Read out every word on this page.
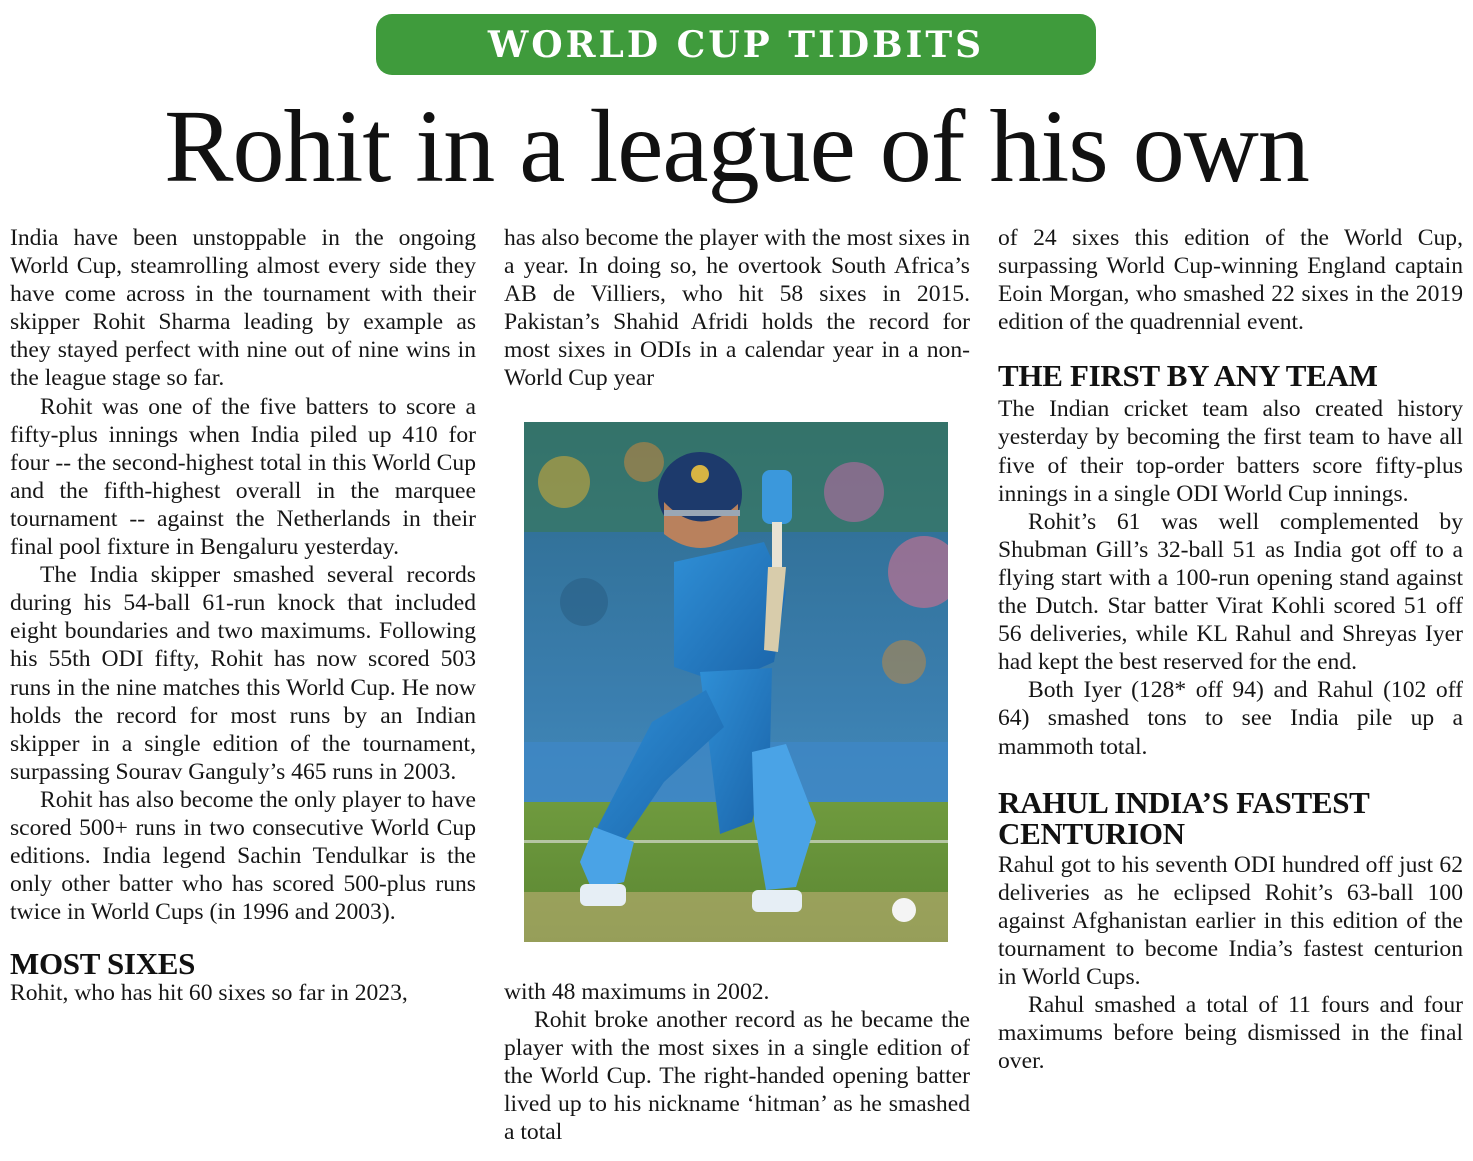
WORLD CUP TIDBITS
Rohit in a league of his own

India have been unstoppable in the ongoing World Cup, steamrolling almost every side they have come across in the tournament with their skipper Rohit Sharma leading by example as they stayed perfect with nine out of nine wins in the league stage so far.

Rohit was one of the five batters to score a fifty-plus innings when India piled up 410 for four -- the second-highest total in this World Cup and the fifth-highest overall in the marquee tournament -- against the Netherlands in their final pool fixture in Bengaluru yesterday.

The India skipper smashed several records during his 54-ball 61-run knock that included eight boundaries and two maximums. Following his 55th ODI fifty, Rohit has now scored 503 runs in the nine matches this World Cup. He now holds the record for most runs by an Indian skipper in a single edition of the tournament, surpassing Sourav Ganguly’s 465 runs in 2003.

Rohit has also become the only player to have scored 500+ runs in two consecutive World Cup editions. India legend Sachin Tendulkar is the only other batter who has scored 500-plus runs twice in World Cups (in 1996 and 2003).

MOST SIXES

Rohit, who has hit 60 sixes so far in 2023,

has also become the player with the most sixes in a year. In doing so, he overtook South Africa’s AB de Villiers, who hit 58 sixes in 2015. Pakistan’s Shahid Afridi holds the record for most sixes in ODIs in a calendar year in a non-World Cup year

with 48 maximums in 2002.

Rohit broke another record as he became the player with the most sixes in a single edition of the World Cup. The right-handed opening batter lived up to his nickname ‘hitman’ as he smashed a total

of 24 sixes this edition of the World Cup, surpassing World Cup-winning England captain Eoin Morgan, who smashed 22 sixes in the 2019 edition of the quadrennial event.

THE FIRST BY ANY TEAM

The Indian cricket team also created history yesterday by becoming the first team to have all five of their top-order batters score fifty-plus innings in a single ODI World Cup innings.

Rohit’s 61 was well complemented by Shubman Gill’s 32-ball 51 as India got off to a flying start with a 100-run opening stand against the Dutch. Star batter Virat Kohli scored 51 off 56 deliveries, while KL Rahul and Shreyas Iyer had kept the best reserved for the end.

Both Iyer (128* off 94) and Rahul (102 off 64) smashed tons to see India pile up a mammoth total.

RAHUL INDIA’S FASTEST CENTURION

Rahul got to his seventh ODI hundred off just 62 deliveries as he eclipsed Rohit’s 63-ball 100 against Afghanistan earlier in this edition of the tournament to become India’s fastest centurion in World Cups.

Rahul smashed a total of 11 fours and four maximums before being dismissed in the final over.
